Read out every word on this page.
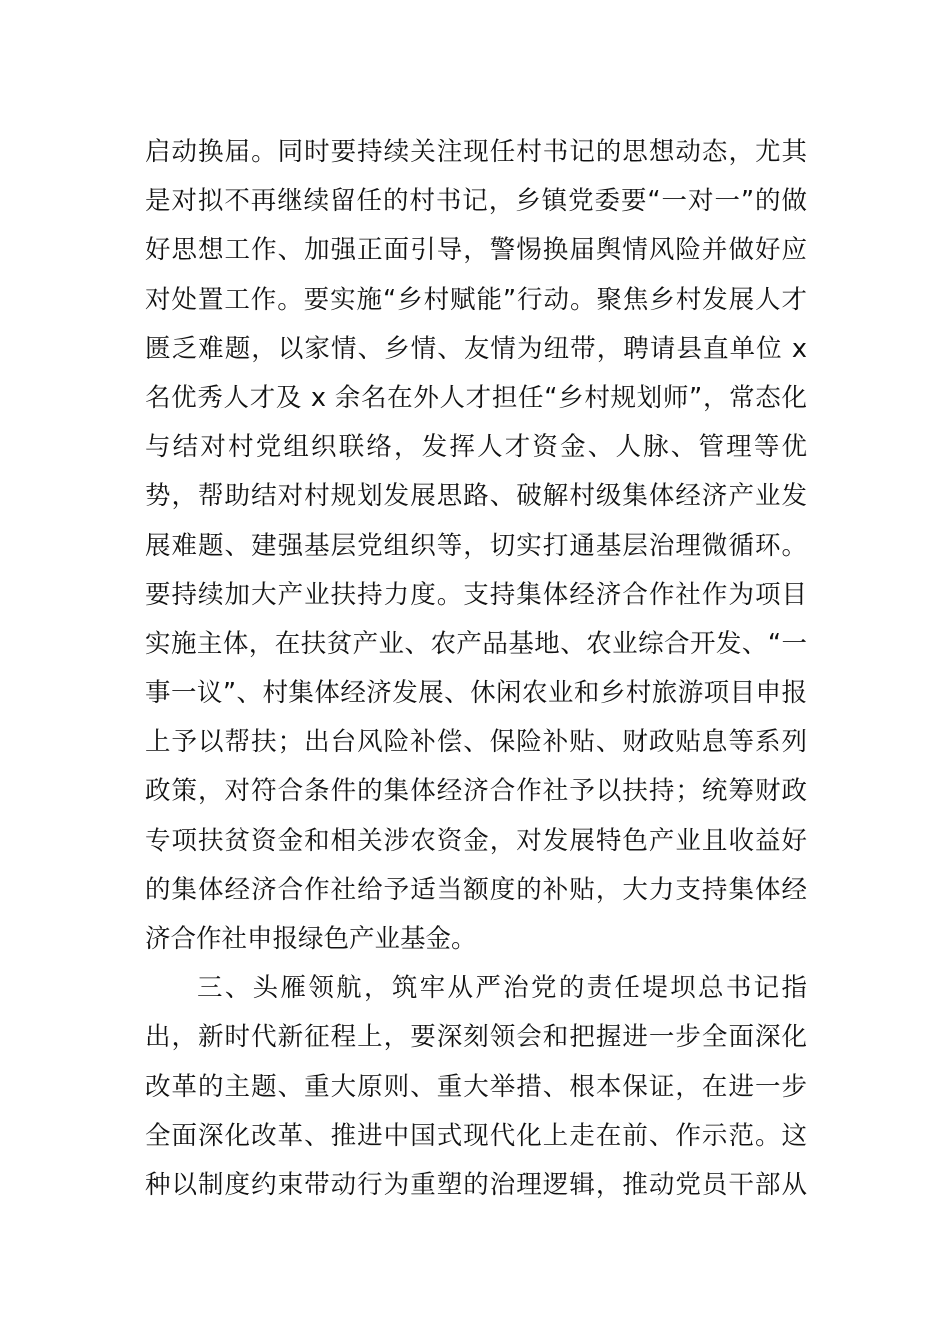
启动换届。同时要持续关注现任村书记的思想动态，尤其
是对拟不再继续留任的村书记，乡镇党委要“一对一”的做
好思想工作、加强正面引导，警惕换届舆情风险并做好应
对处置工作。要实施“乡村赋能”行动。聚焦乡村发展人才
匮乏难题，以家情、乡情、友情为纽带，聘请县直单位 x
名优秀人才及 x 余名在外人才担任“乡村规划师”，常态化
与结对村党组织联络，发挥人才资金、人脉、管理等优
势，帮助结对村规划发展思路、破解村级集体经济产业发
展难题、建强基层党组织等，切实打通基层治理微循环。
要持续加大产业扶持力度。支持集体经济合作社作为项目
实施主体，在扶贫产业、农产品基地、农业综合开发、“一
事一议”、村集体经济发展、休闲农业和乡村旅游项目申报
上予以帮扶；出台风险补偿、保险补贴、财政贴息等系列
政策，对符合条件的集体经济合作社予以扶持；统筹财政
专项扶贫资金和相关涉农资金，对发展特色产业且收益好
的集体经济合作社给予适当额度的补贴，大力支持集体经
济合作社申报绿色产业基金。
三、头雁领航，筑牢从严治党的责任堤坝总书记指
出，新时代新征程上，要深刻领会和把握进一步全面深化
改革的主题、重大原则、重大举措、根本保证，在进一步
全面深化改革、推进中国式现代化上走在前、作示范。这
种以制度约束带动行为重塑的治理逻辑，推动党员干部从
